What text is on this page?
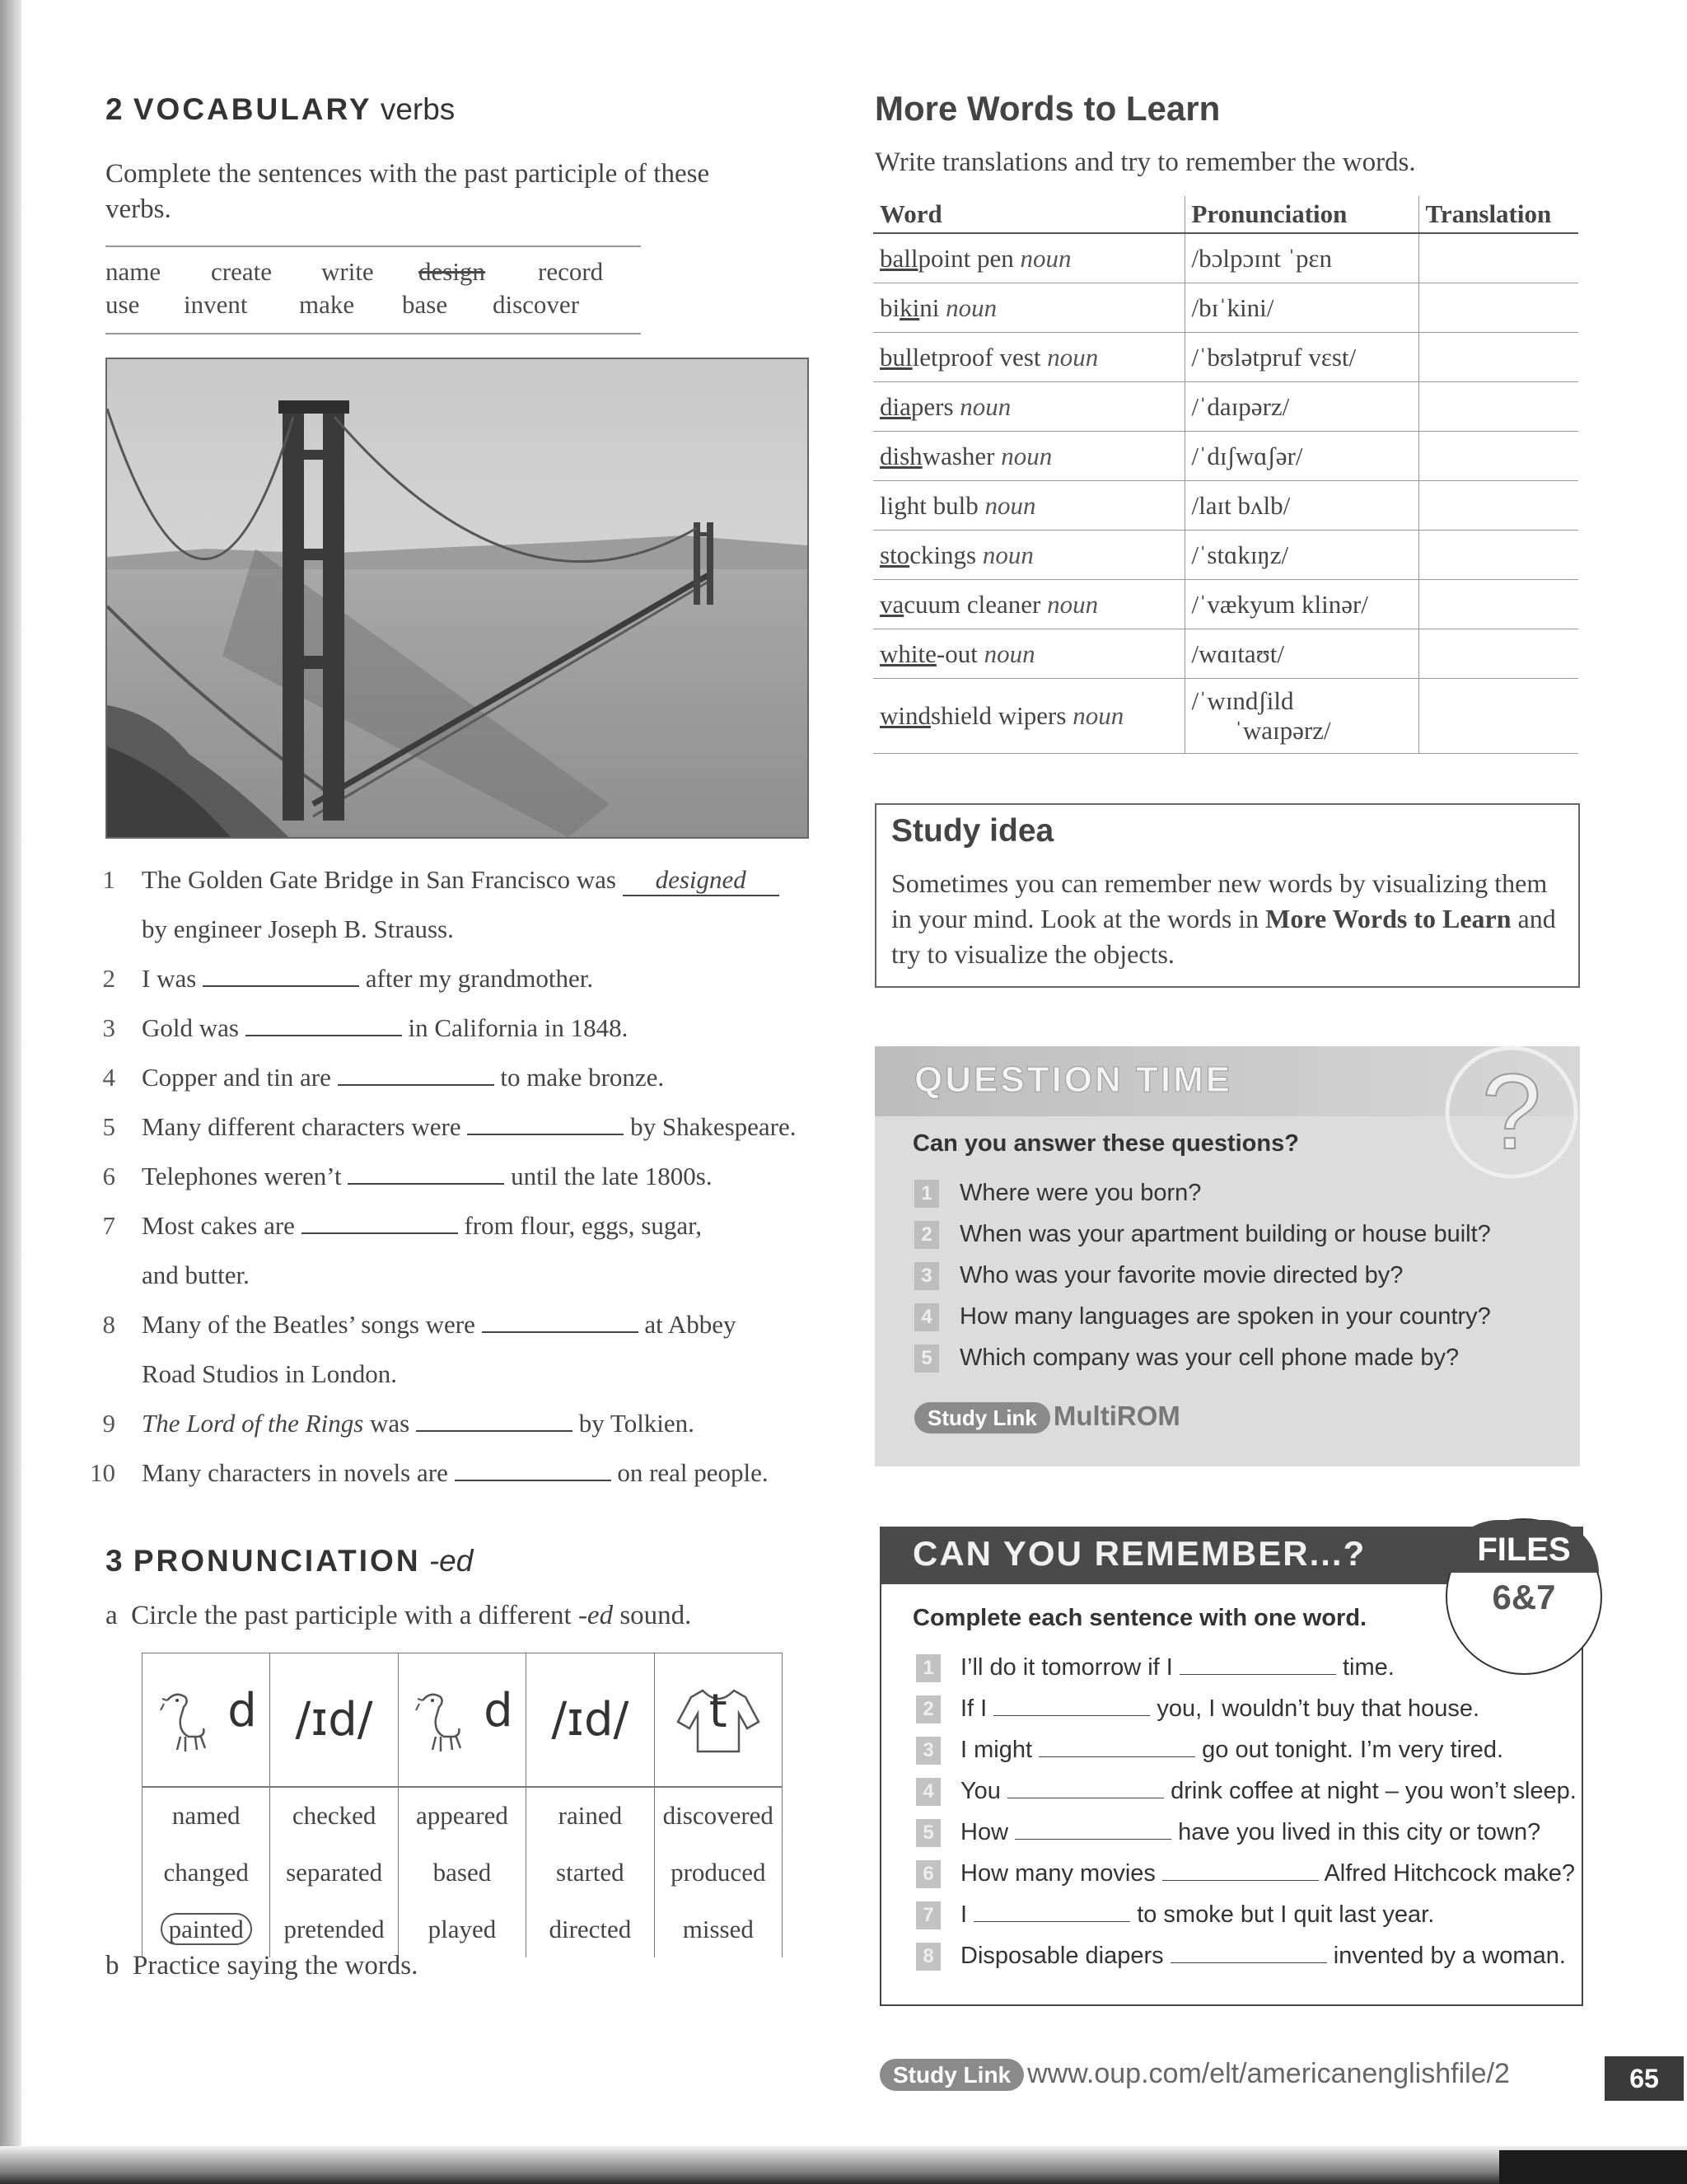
2 VOCABULARY verbs
Complete the sentences with the past participle of these verbs.
name create write design record
use invent make base discover
1 The Golden Gate Bridge in San Francisco was designed
by engineer Joseph B. Strauss.
2 I was	after my grandmother.
3 Gold was	in California in 1848.
4 Copper and tin are	to make bronze.
5 Many different characters were	by Shakespeare.
6 Telephones weren’t	until the late 1800s.
7 Most cakes are	from flour, eggs, sugar,
and butter.
8 Many of the Beatles’ songs were	at Abbey
Road Studios in London.
9 The Lord of the Rings was	by Tolkien.
10 Many characters in novels are	on real people.
3 PRONUNCIATION -ed
a Circle the past participle with a different -ed sound.
d	/ɪd/	d	/ɪd/	t

named	checked	appeared	rained	discovered
changed	separated	based	started	produced
painted	pretended	played	directed	missed
b Practice saying the words.
More Words to Learn
Write translations and try to remember the words.
Word	Pronunciation	Translation
ballpoint pen noun	/bɔlpɔɪnt ˈpɛn	
bikini noun	/bɪˈkini/	
bulletproof vest noun	/ˈbʊlətpruf vɛst/	
diapers noun	/ˈdaɪpərz/	
dishwasher noun	/ˈdɪʃwɑʃər/	
light bulb noun	/laɪt bʌlb/	
stockings noun	/ˈstɑkɪŋz/	
vacuum cleaner noun	/ˈvækyum klinər/	
white-out noun	/wɑɪtaʊt/	
windshield wipers noun	/ˈwɪndʃild
ˈwaɪpərz/	

Study idea
Sometimes you can remember new words by visualizing them in your mind. Look at the words in More Words to Learn and try to visualize the objects.
QUESTION TIME ?
Can you answer these questions?
1 Where were you born?
2 When was your apartment building or house built?
3 Who was your favorite movie directed by?
4 How many languages are spoken in your country?
5 Which company was your cell phone made by?
Study Link MultiROM
CAN YOU REMEMBER...?	FILES
6&7
Complete each sentence with one word.
1 I’ll do it tomorrow if I	time.
2 If I	you, I wouldn’t buy that house.
3 I might	go out tonight. I’m very tired.
4 You	drink coffee at night – you won’t sleep.
5 How	have you lived in this city or town?
6 How many movies	Alfred Hitchcock make?
7 I	to smoke but I quit last year.
8 Disposable diapers	invented by a woman.
Study Link www.oup.com/elt/americanenglishfile/2	65
